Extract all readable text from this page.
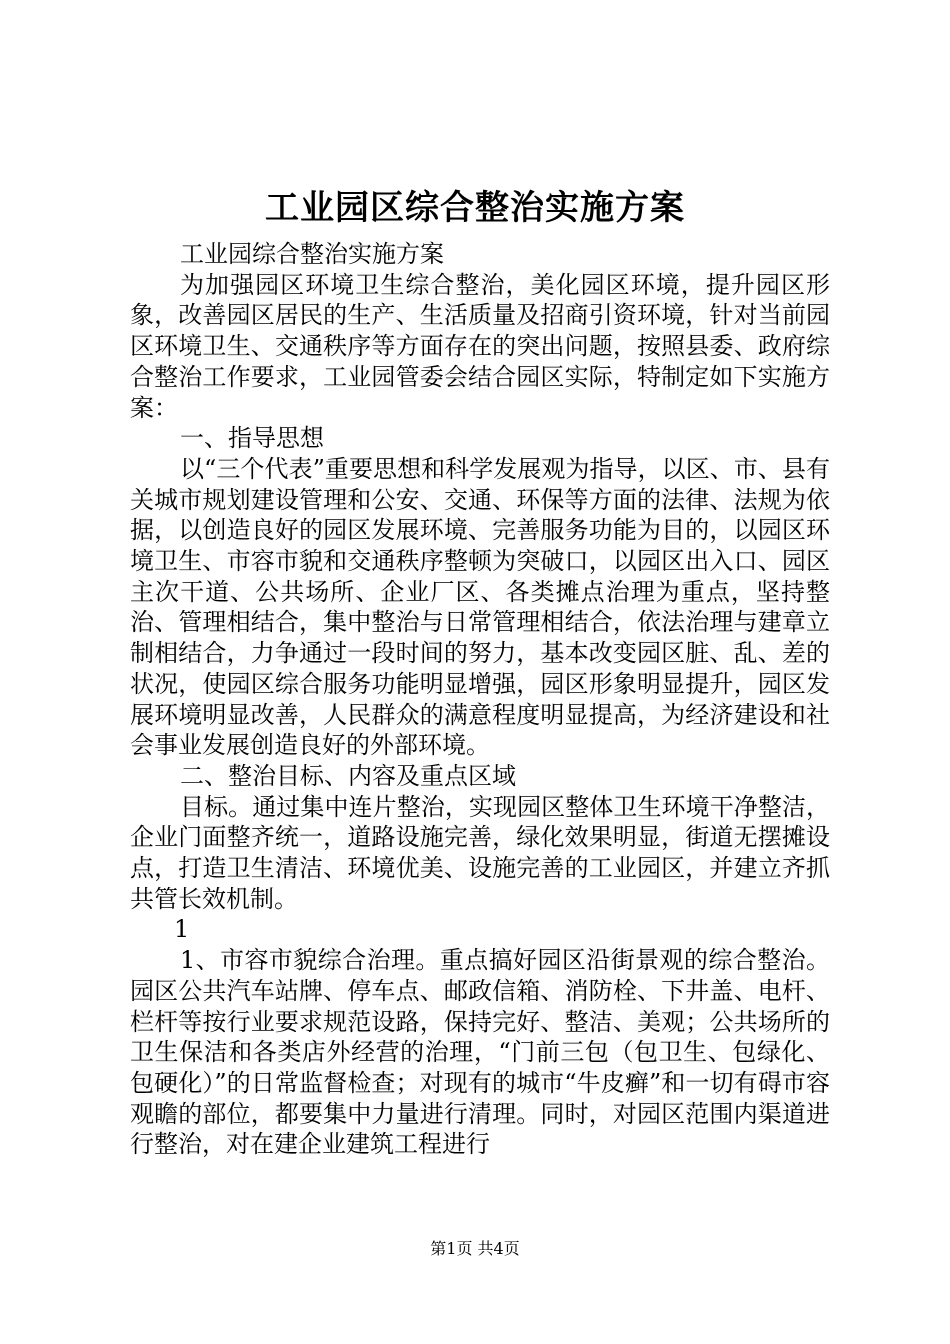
工业园区综合整治实施方案

工业园综合整治实施方案

为加强园区环境卫生综合整治，美化园区环境，提升园区形象，改善园区居民的生产、生活质量及招商引资环境，针对当前园区环境卫生、交通秩序等方面存在的突出问题，按照县委、政府综合整治工作要求，工业园管委会结合园区实际，特制定如下实施方案：

一、指导思想

以“三个代表”重要思想和科学发展观为指导，以区、市、县有关城市规划建设管理和公安、交通、环保等方面的法律、法规为依据，以创造良好的园区发展环境、完善服务功能为目的，以园区环境卫生、市容市貌和交通秩序整顿为突破口，以园区出入口、园区主次干道、公共场所、企业厂区、各类摊点治理为重点，坚持整治、管理相结合，集中整治与日常管理相结合，依法治理与建章立制相结合，力争通过一段时间的努力，基本改变园区脏、乱、差的状况，使园区综合服务功能明显增强，园区形象明显提升，园区发展环境明显改善，人民群众的满意程度明显提高，为经济建设和社会事业发展创造良好的外部环境。

二、整治目标、内容及重点区域

目标。通过集中连片整治，实现园区整体卫生环境干净整洁，企业门面整齐统一，道路设施完善，绿化效果明显，街道无摆摊设点，打造卫生清洁、环境优美、设施完善的工业园区，并建立齐抓共管长效机制。

1

1、市容市貌综合治理。重点搞好园区沿街景观的综合整治。园区公共汽车站牌、停车点、邮政信箱、消防栓、下井盖、电杆、栏杆等按行业要求规范设路，保持完好、整洁、美观；公共场所的卫生保洁和各类店外经营的治理，“门前三包（包卫生、包绿化、包硬化）”的日常监督检查；对现有的城市“牛皮癣”和一切有碍市容观瞻的部位，都要集中力量进行清理。同时，对园区范围内渠道进行整治，对在建企业建筑工程进行

第1页 共4页
